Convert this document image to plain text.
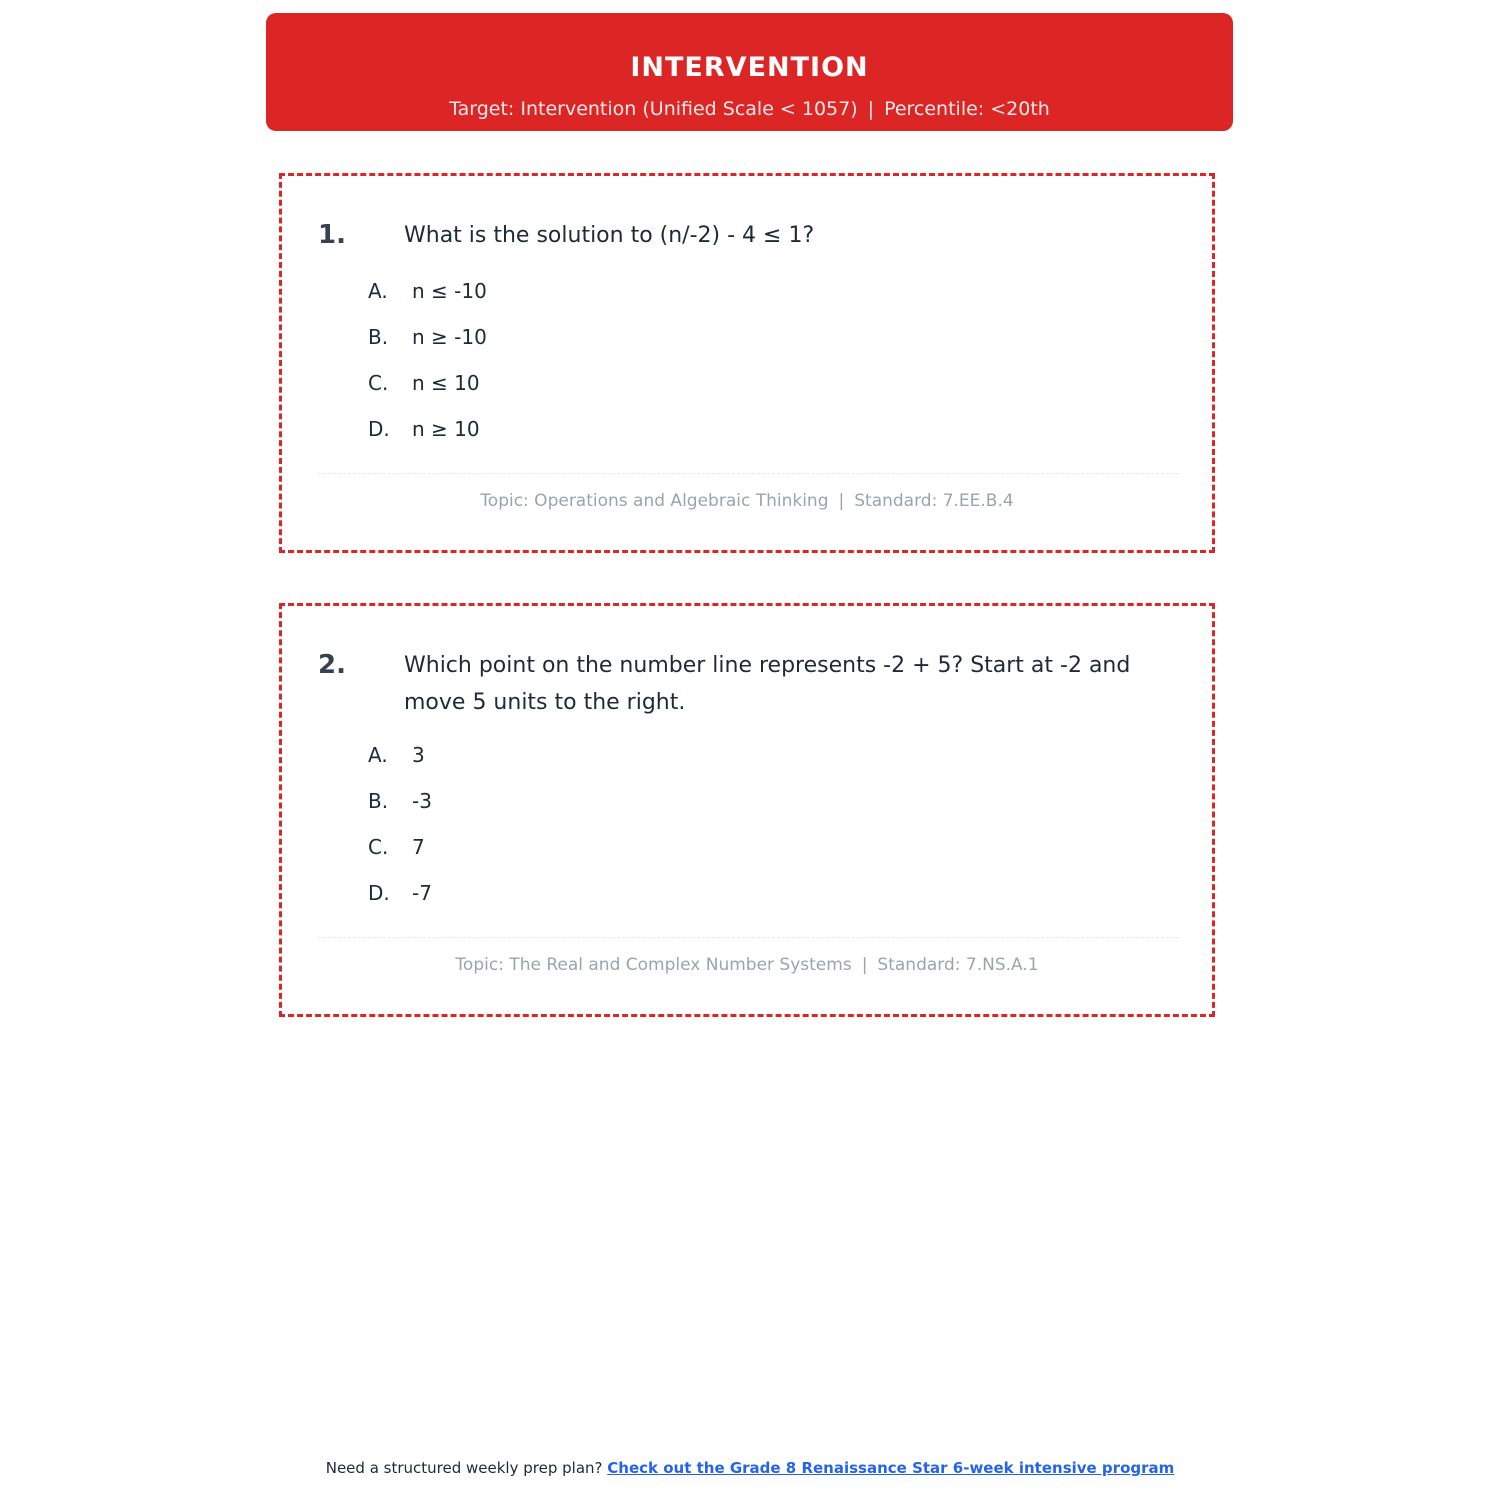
INTERVENTION
Target: Intervention (Unified Scale < 1057) | Percentile: <20th
1.	What is the solution to (n/-2) - 4 ≤ 1?
A.	n ≤ -10
B.	n ≥ -10
C.	n ≤ 10
D.	n ≥ 10
Topic: Operations and Algebraic Thinking | Standard: 7.EE.B.4
2.	Which point on the number line represents -2 + 5? Start at -2 and move 5 units to the right.
A.	3
B.	-3
C.	7
D.	-7
Topic: The Real and Complex Number Systems | Standard: 7.NS.A.1
Need a structured weekly prep plan? Check out the Grade 8 Renaissance Star 6-week intensive program
